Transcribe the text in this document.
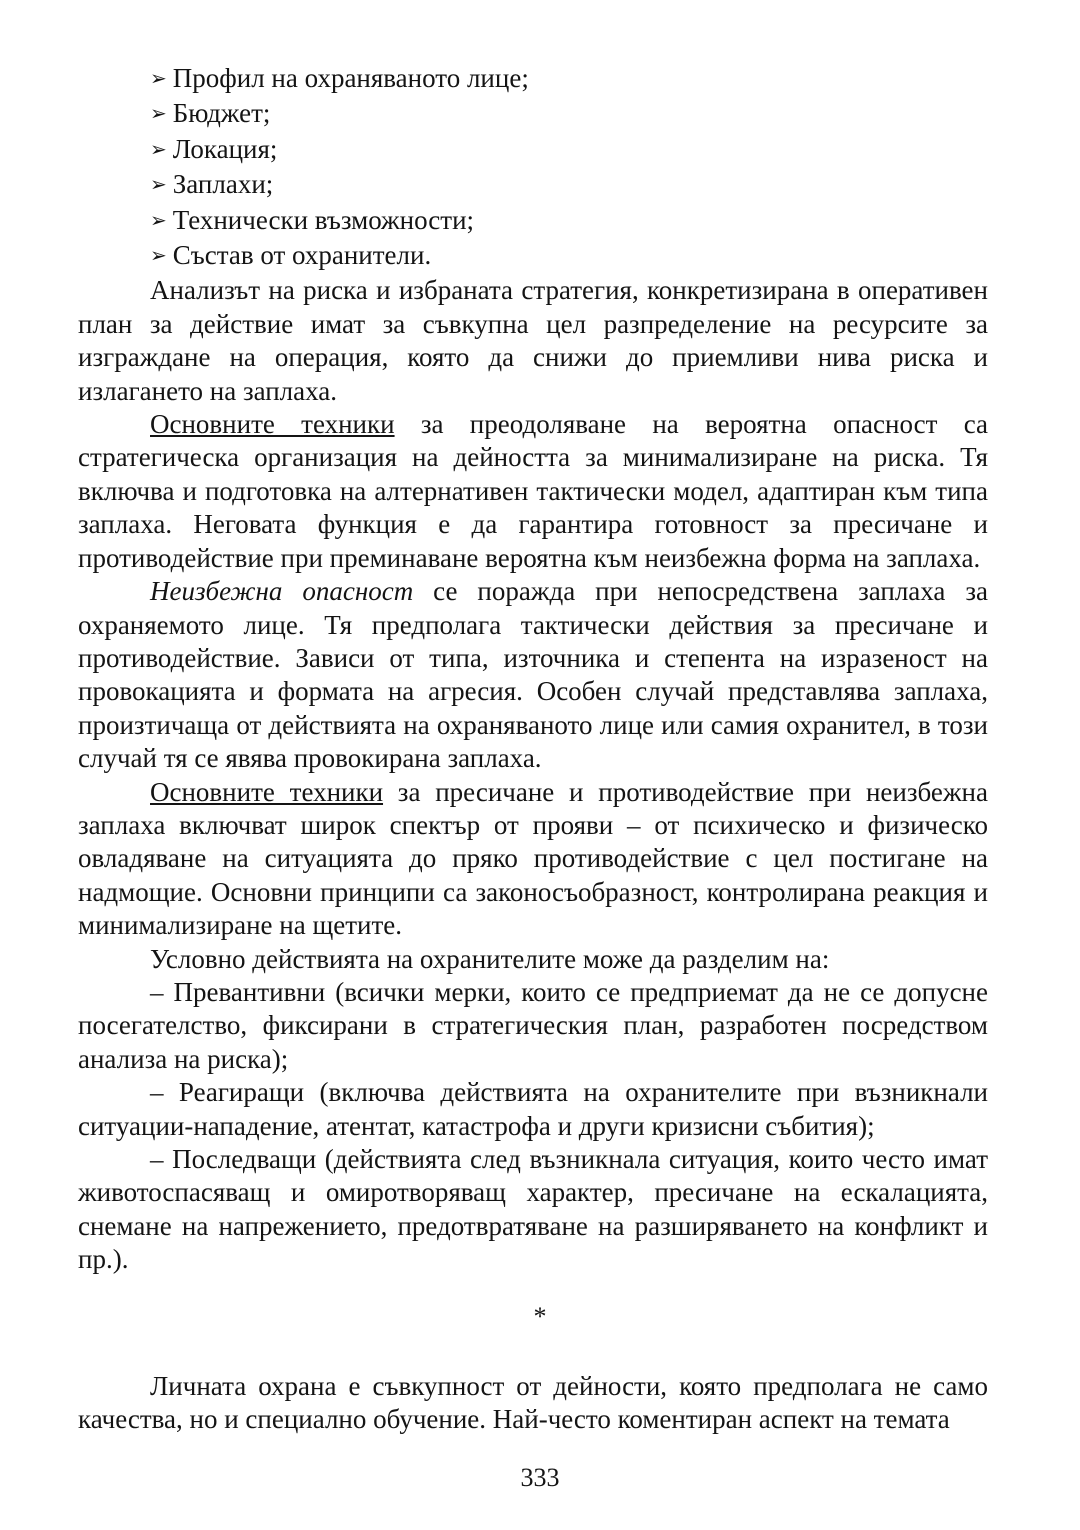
➢ Профил на охраняваното лице;
➢ Бюджет;
➢ Локация;
➢ Заплахи;
➢ Технически възможности;
➢ Състав от охранители.

Анализът на риска и избраната стратегия, конкретизирана в оперативен план за действие имат за съвкупна цел разпределение на ресурсите за изграждане на операция, която да снижи до приемливи нива риска и излагането на заплаха.

Основните техники за преодоляване на вероятна опасност са стратегическа организация на дейността за минимализиране на риска. Тя включва и подготовка на алтернативен тактически модел, адаптиран към типа заплаха. Неговата функция е да гарантира готовност за пресичане и противодействие при преминаване вероятна към неизбежна форма на заплаха.

Неизбежна опасност се поражда при непосредствена заплаха за охраняемото лице. Тя предполага тактически действия за пресичане и противодействие. Зависи от типа, източника и степента на изразеност на провокацията и формата на агресия. Особен случай представлява заплаха, произтичаща от действията на охраняваното лице или самия охранител, в този случай тя се явява провокирана заплаха.

Основните техники за пресичане и противодействие при неизбежна заплаха включват широк спектър от прояви – от психическо и физическо овладяване на ситуацията до пряко противодействие с цел постигане на надмощие. Основни принципи са законосъобразност, контролирана реакция и минимализиране на щетите.

Условно действията на охранителите може да разделим на:

– Превантивни (всички мерки, които се предприемат да не се допусне посегателство, фиксирани в стратегическия план, разработен посредством анализа на риска);

– Реагиращи (включва действията на охранителите при възникнали ситуации-нападение, атентат, катастрофа и други кризисни събития);

– Последващи (действията след възникнала ситуация, които често имат животоспасяващ и омиротворяващ характер, пресичане на ескалацията, снемане на напрежението, предотвратяване на разширяването на конфликт и пр.).

*

Личната охрана е съвкупност от дейности, която предполага не само качества, но и специално обучение. Най-често коментиран аспект на темата

333
